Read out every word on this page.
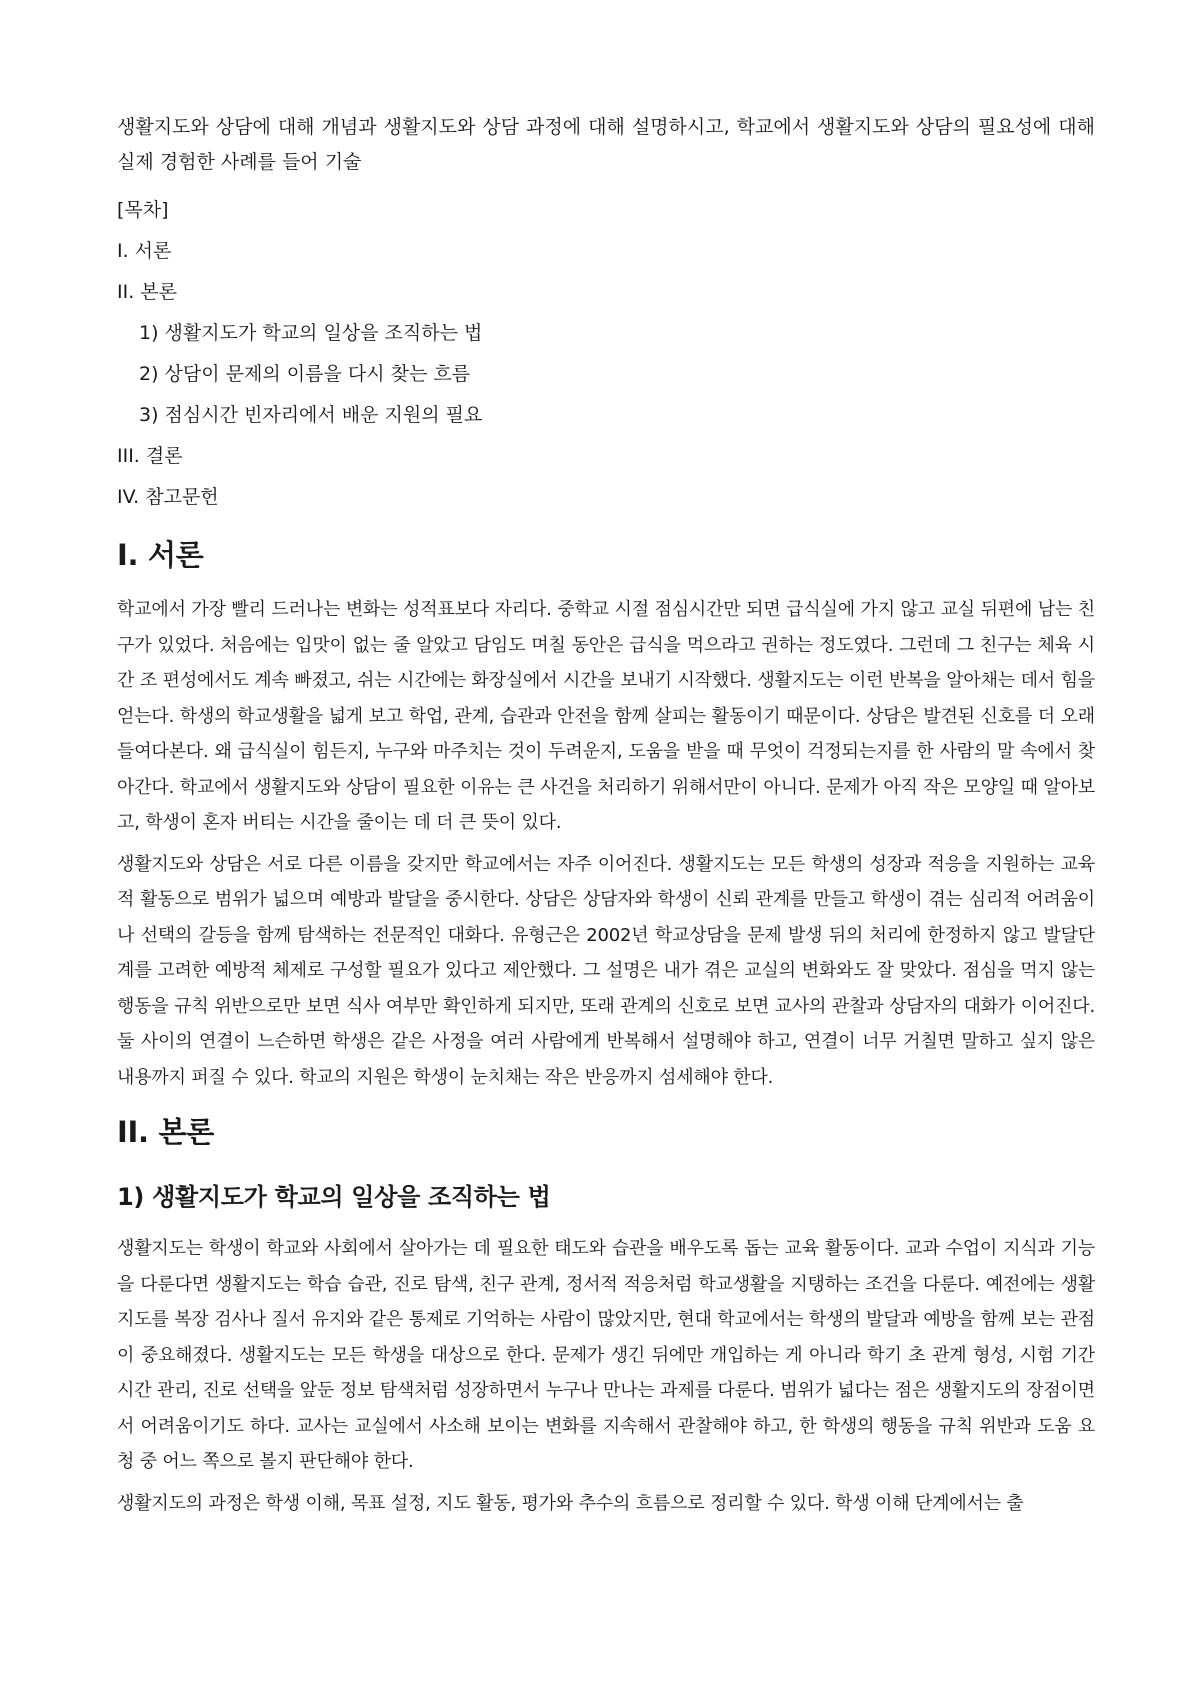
생활지도와 상담에 대해 개념과 생활지도와 상담 과정에 대해 설명하시고, 학교에서 생활지도와 상담의 필요성에 대해 실제 경험한 사례를 들어 기술

[목차]
I. 서론
II. 본론
1) 생활지도가 학교의 일상을 조직하는 법
2) 상담이 문제의 이름을 다시 찾는 흐름
3) 점심시간 빈자리에서 배운 지원의 필요
III. 결론
IV. 참고문헌
I. 서론

학교에서 가장 빨리 드러나는 변화는 성적표보다 자리다. 중학교 시절 점심시간만 되면 급식실에 가지 않고 교실 뒤편에 남는 친구가 있었다. 처음에는 입맛이 없는 줄 알았고 담임도 며칠 동안은 급식을 먹으라고 권하는 정도였다. 그런데 그 친구는 체육 시간 조 편성에서도 계속 빠졌고, 쉬는 시간에는 화장실에서 시간을 보내기 시작했다. 생활지도는 이런 반복을 알아채는 데서 힘을 얻는다. 학생의 학교생활을 넓게 보고 학업, 관계, 습관과 안전을 함께 살피는 활동이기 때문이다. 상담은 발견된 신호를 더 오래 들여다본다. 왜 급식실이 힘든지, 누구와 마주치는 것이 두려운지, 도움을 받을 때 무엇이 걱정되는지를 한 사람의 말 속에서 찾아간다. 학교에서 생활지도와 상담이 필요한 이유는 큰 사건을 처리하기 위해서만이 아니다. 문제가 아직 작은 모양일 때 알아보고, 학생이 혼자 버티는 시간을 줄이는 데 더 큰 뜻이 있다.

생활지도와 상담은 서로 다른 이름을 갖지만 학교에서는 자주 이어진다. 생활지도는 모든 학생의 성장과 적응을 지원하는 교육적 활동으로 범위가 넓으며 예방과 발달을 중시한다. 상담은 상담자와 학생이 신뢰 관계를 만들고 학생이 겪는 심리적 어려움이나 선택의 갈등을 함께 탐색하는 전문적인 대화다. 유형근은 2002년 학교상담을 문제 발생 뒤의 처리에 한정하지 않고 발달단계를 고려한 예방적 체제로 구성할 필요가 있다고 제안했다. 그 설명은 내가 겪은 교실의 변화와도 잘 맞았다. 점심을 먹지 않는 행동을 규칙 위반으로만 보면 식사 여부만 확인하게 되지만, 또래 관계의 신호로 보면 교사의 관찰과 상담자의 대화가 이어진다. 둘 사이의 연결이 느슨하면 학생은 같은 사정을 여러 사람에게 반복해서 설명해야 하고, 연결이 너무 거칠면 말하고 싶지 않은 내용까지 퍼질 수 있다. 학교의 지원은 학생이 눈치채는 작은 반응까지 섬세해야 한다.

II. 본론
1) 생활지도가 학교의 일상을 조직하는 법

생활지도는 학생이 학교와 사회에서 살아가는 데 필요한 태도와 습관을 배우도록 돕는 교육 활동이다. 교과 수업이 지식과 기능을 다룬다면 생활지도는 학습 습관, 진로 탐색, 친구 관계, 정서적 적응처럼 학교생활을 지탱하는 조건을 다룬다. 예전에는 생활지도를 복장 검사나 질서 유지와 같은 통제로 기억하는 사람이 많았지만, 현대 학교에서는 학생의 발달과 예방을 함께 보는 관점이 중요해졌다. 생활지도는 모든 학생을 대상으로 한다. 문제가 생긴 뒤에만 개입하는 게 아니라 학기 초 관계 형성, 시험 기간 시간 관리, 진로 선택을 앞둔 정보 탐색처럼 성장하면서 누구나 만나는 과제를 다룬다. 범위가 넓다는 점은 생활지도의 장점이면서 어려움이기도 하다. 교사는 교실에서 사소해 보이는 변화를 지속해서 관찰해야 하고, 한 학생의 행동을 규칙 위반과 도움 요청 중 어느 쪽으로 볼지 판단해야 한다.

생활지도의 과정은 학생 이해, 목표 설정, 지도 활동, 평가와 추수의 흐름으로 정리할 수 있다. 학생 이해 단계에서는 출
